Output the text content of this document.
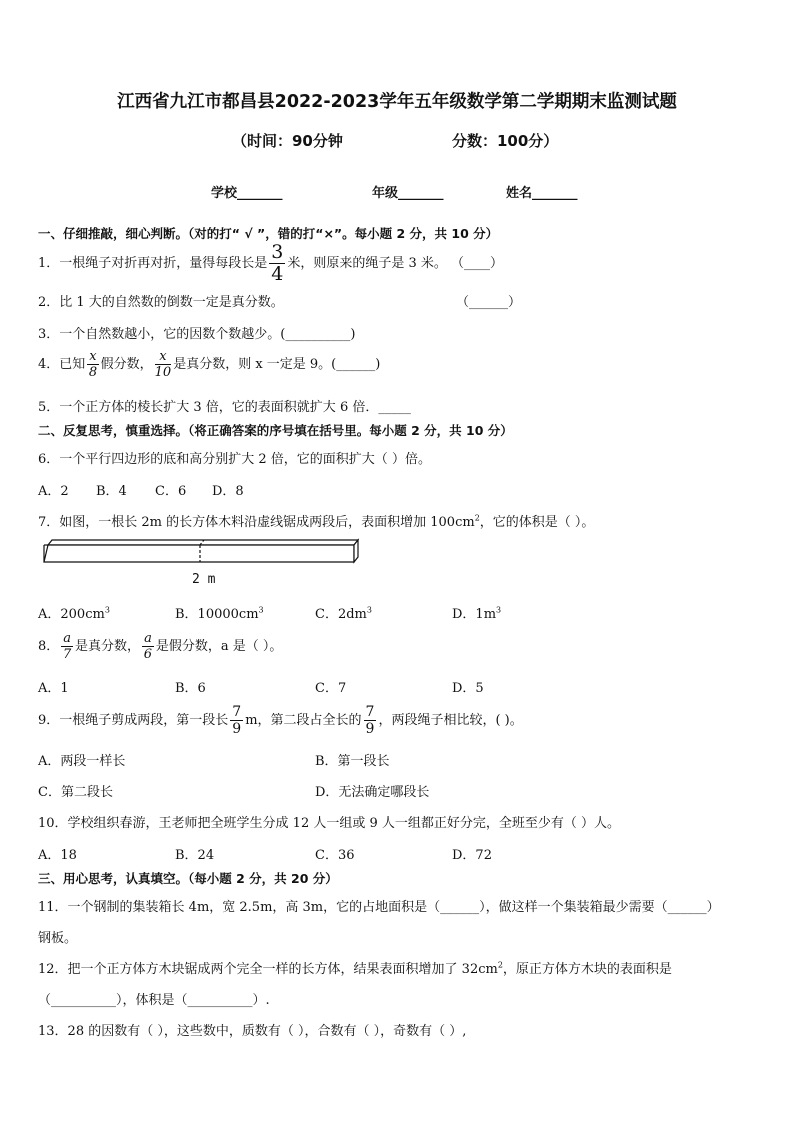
江西省九江市都昌县2022-2023学年五年级数学第二学期期末监测试题
（时间：90分钟	分数：100分）
学校_______	年级_______	姓名_______
一、仔细推敲，细心判断。（对的打“ √ ”，错的打“×”。每小题 2 分，共 10 分）
1．一根绳子对折再对折，量得每段长是 $\frac{3}{4}$ 米，则原来的绳子是 3 米。 （____）
2．比 1 大的自然数的倒数一定是真分数。	（______）
3．一个自然数越小，它的因数个数越少。(__________)
4．已知 $\frac{x}{8}$ 假分数， $\frac{x}{10}$ 是真分数，则 x 一定是 9。(______)
5．一个正方体的棱长扩大 3 倍，它的表面积就扩大 6 倍．_____
二、反复思考，慎重选择。（将正确答案的序号填在括号里。每小题 2 分，共 10 分）
6．一个平行四边形的底和高分别扩大 2 倍，它的面积扩大（ ）倍。
A．2 B．4 C．6 D．8
7．如图，一根长 2m 的长方体木料沿虚线锯成两段后，表面积增加 $100cm^2$，它的体积是（ ）。
2 m
A．$200cm^3$	B．$10000cm^3$	C．$2dm^3$	D．$1m^3$
8． $\frac{a}{7}$ 是真分数， $\frac{a}{6}$ 是假分数，a 是（ ）。
A．1	B．6	C．7	D．5
9．一根绳子剪成两段，第一段长 $\frac{7}{9}$ m，第二段占全长的 $\frac{7}{9}$ ，两段绳子相比较，( )。
A．两段一样长	B．第一段长
C．第二段长	D．无法确定哪段长
10．学校组织春游，王老师把全班学生分成 12 人一组或 9 人一组都正好分完，全班至少有（ ）人。
A．18	B．24	C．36	D．72
三、用心思考，认真填空。（每小题 2 分，共 20 分）
11．一个钢制的集装箱长 4m，宽 2.5m，高 3m，它的占地面积是（______），做这样一个集装箱最少需要（______）
钢板。
12．把一个正方体方木块锯成两个完全一样的长方体，结果表面积增加了 $32cm^2$，原正方体方木块的表面积是
（__________），体积是（__________）.
13．28 的因数有（ ），这些数中，质数有（ ），合数有（ ），奇数有（ ）,
